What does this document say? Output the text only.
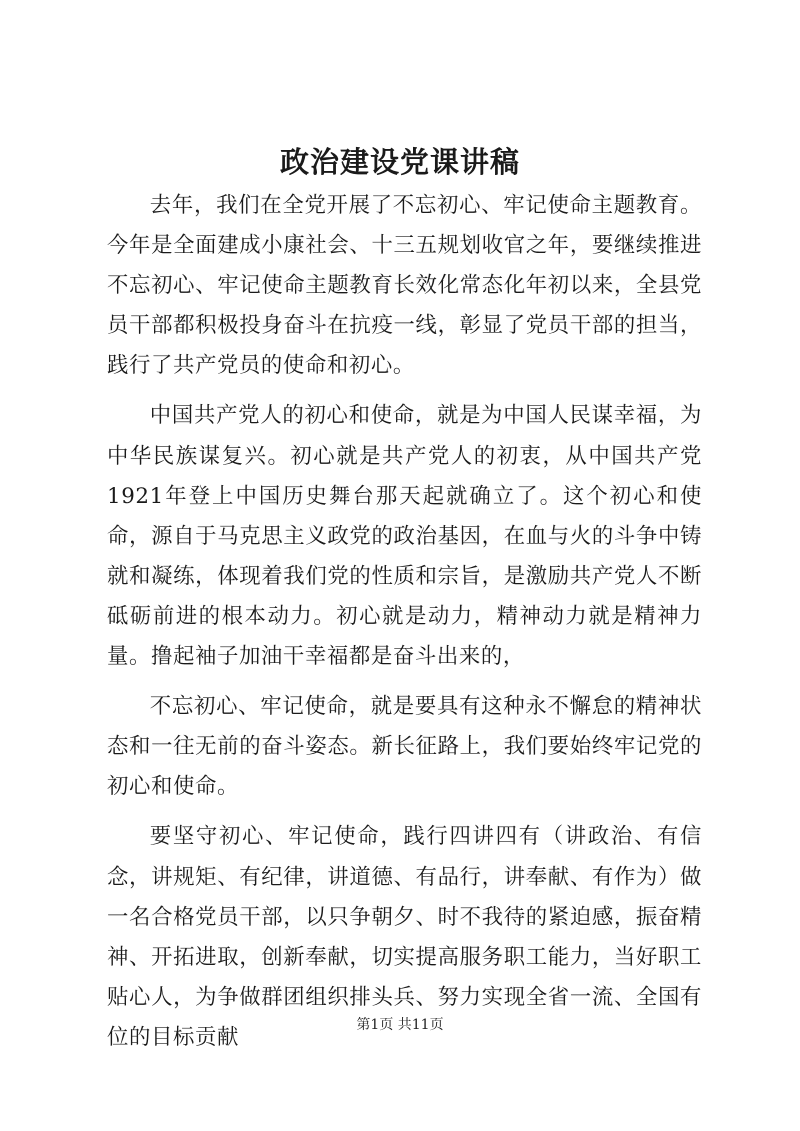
政治建设党课讲稿

去年，我们在全党开展了不忘初心、牢记使命主题教育。今年是全面建成小康社会、十三五规划收官之年，要继续推进不忘初心、牢记使命主题教育长效化常态化年初以来，全县党员干部都积极投身奋斗在抗疫一线，彰显了党员干部的担当，践行了共产党员的使命和初心。

中国共产党人的初心和使命，就是为中国人民谋幸福，为中华民族谋复兴。初心就是共产党人的初衷，从中国共产党1921年登上中国历史舞台那天起就确立了。这个初心和使命，源自于马克思主义政党的政治基因，在血与火的斗争中铸就和凝练，体现着我们党的性质和宗旨，是激励共产党人不断砥砺前进的根本动力。初心就是动力，精神动力就是精神力量。撸起袖子加油干幸福都是奋斗出来的，

不忘初心、牢记使命，就是要具有这种永不懈怠的精神状态和一往无前的奋斗姿态。新长征路上，我们要始终牢记党的初心和使命。

要坚守初心、牢记使命，践行四讲四有（讲政治、有信念，讲规矩、有纪律，讲道德、有品行，讲奉献、有作为）做一名合格党员干部，以只争朝夕、时不我待的紧迫感，振奋精神、开拓进取，创新奉献，切实提高服务职工能力，当好职工贴心人，为争做群团组织排头兵、努力实现全省一流、全国有位的目标贡献	第1页 共11页
